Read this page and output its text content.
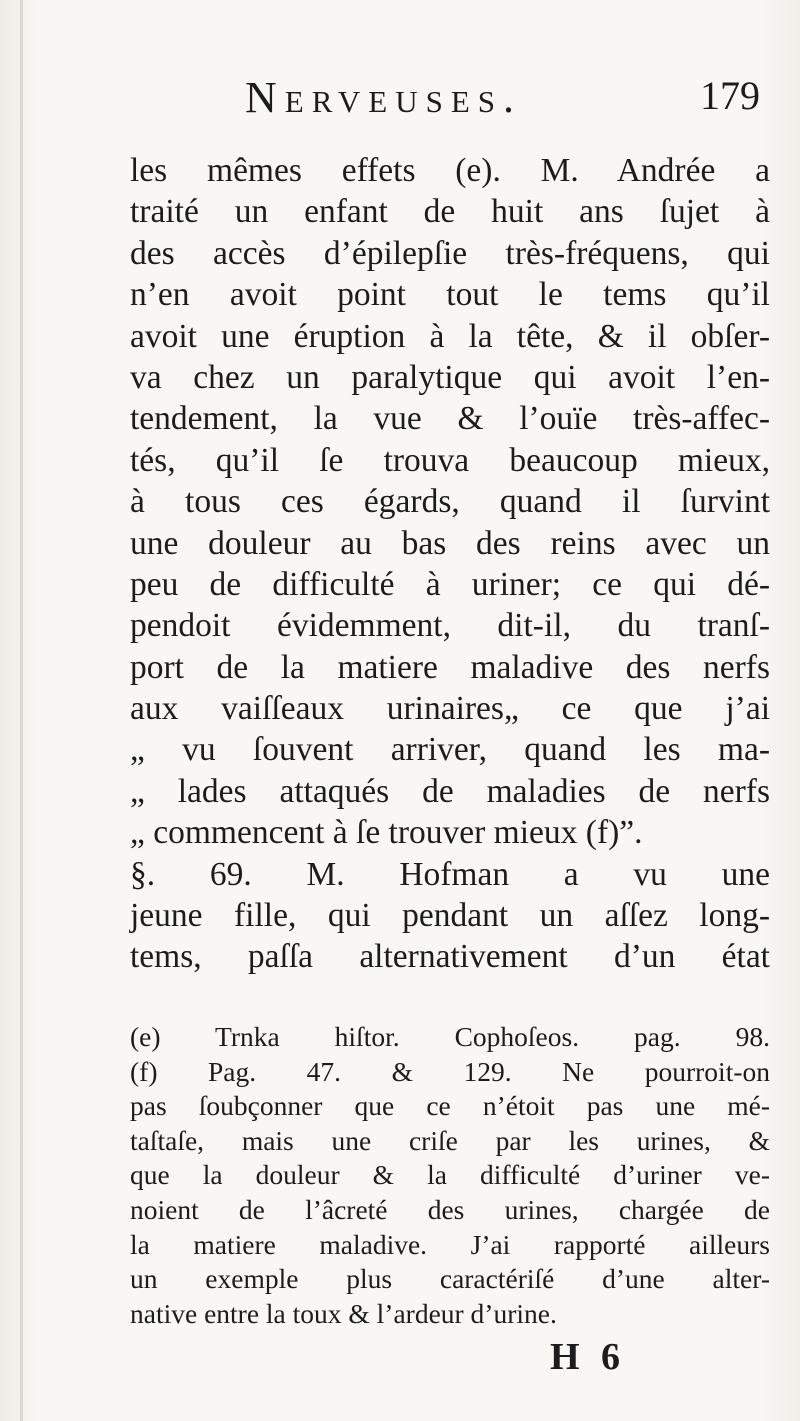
Nerveuses.	179
les mêmes effets (e). M. Andrée a
traité un enfant de huit ans ſujet à
des accès d’épilepſie très-fréquens, qui
n’en avoit point tout le tems qu’il
avoit une éruption à la tête, & il obſer-
va chez un paralytique qui avoit l’en-
tendement, la vue & l’ouïe très-affec-
tés, qu’il ſe trouva beaucoup mieux,
à tous ces égards, quand il ſurvint
une douleur au bas des reins avec un
peu de difficulté à uriner; ce qui dé-
pendoit évidemment, dit-il, du tranſ-
port de la matiere maladive des nerfs
aux vaiſſeaux urinaires„ ce que j’ai
„ vu ſouvent arriver, quand les ma-
„ lades attaqués de maladies de nerfs
„ commencent à ſe trouver mieux (f)”.
§. 69. M. Hofman a vu une
jeune fille, qui pendant un aſſez long-
tems, paſſa alternativement d’un état
(e) Trnka hiſtor. Cophoſeos. pag. 98.
(f) Pag. 47. & 129. Ne pourroit-on
pas ſoubçonner que ce n’étoit pas une mé-
taſtaſe, mais une criſe par les urines, &
que la douleur & la difficulté d’uriner ve-
noient de l’âcreté des urines, chargée de
la matiere maladive. J’ai rapporté ailleurs
un exemple plus caractériſé d’une alter-
native entre la toux & l’ardeur d’urine.
H 6
